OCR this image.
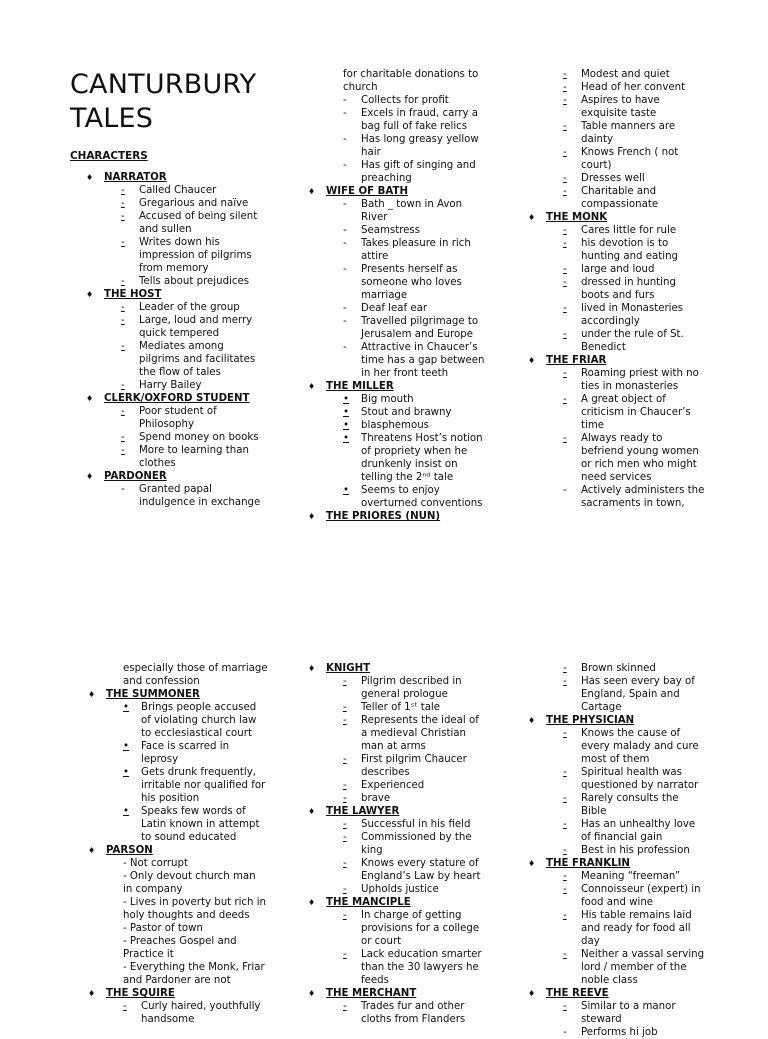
CANTURBURY
TALES
CHARACTERS
♦ NARRATOR
- Called Chaucer
- Gregarious and naïve
- Accused of being silent and sullen
- Writes down his impression of pilgrims from memory
- Tells about prejudices
♦ THE HOST
- Leader of the group
- Large, loud and merry quick tempered
- Mediates among pilgrims and facilitates the flow of tales
- Harry Bailey
♦ CLERK/OXFORD STUDENT
- Poor student of Philosophy
- Spend money on books
- More to learning than clothes
♦ PARDONER
- Granted papal indulgence in exchange
for charitable donations to church
- Collects for profit
- Excels in fraud, carry a bag full of fake relics
- Has long greasy yellow hair
- Has gift of singing and preaching
♦ WIFE OF BATH
- Bath _ town in Avon River
- Seamstress
- Takes pleasure in rich attire
- Presents herself as someone who loves marriage
- Deaf leaf ear
- Travelled pilgrimage to Jerusalem and Europe
- Attractive in Chaucer’s time has a gap between in her front teeth
♦ THE MILLER
• Big mouth
• Stout and brawny
• blasphemous
• Threatens Host’s notion of propriety when he drunkenly insist on telling the 2ⁿᵈ tale
• Seems to enjoy overturned conventions
♦ THE PRIORES (NUN)
- Modest and quiet
- Head of her convent
- Aspires to have exquisite taste
- Table manners are dainty
- Knows French ( not court)
- Dresses well
- Charitable and compassionate
♦ THE MONK
- Cares little for rule
- his devotion is to hunting and eating
- large and loud
- dressed in hunting boots and furs
- lived in Monasteries accordingly
- under the rule of St. Benedict
♦ THE FRIAR
- Roaming priest with no ties in monasteries
- A great object of criticism in Chaucer’s time
- Always ready to befriend young women or rich men who might need services
- Actively administers the sacraments in town,
especially those of marriage and confession
♦ THE SUMMONER
• Brings people accused of violating church law to ecclesiastical court
• Face is scarred in leprosy
• Gets drunk frequently, irritable nor qualified for his position
• Speaks few words of Latin known in attempt to sound educated
♦ PARSON
- Not corrupt
- Only devout church man in company
- Lives in poverty but rich in holy thoughts and deeds
- Pastor of town
- Preaches Gospel and Practice it
- Everything the Monk, Friar and Pardoner are not
♦ THE SQUIRE
- Curly haired, youthfully handsome
♦ KNIGHT
- Pilgrim described in general prologue
- Teller of 1ˢᵗ tale
- Represents the ideal of a medieval Christian man at arms
- First pilgrim Chaucer describes
- Experienced
- brave
♦ THE LAWYER
- Successful in his field
- Commissioned by the king
- Knows every stature of England’s Law by heart
- Upholds justice
♦ THE MANCIPLE
- In charge of getting provisions for a college or court
- Lack education smarter than the 30 lawyers he feeds
♦ THE MERCHANT
- Trades fur and other cloths from Flanders
- Brown skinned
- Has seen every bay of England, Spain and Cartage
♦ THE PHYSICIAN
- Knows the cause of every malady and cure most of them
- Spiritual health was questioned by narrator
- Rarely consults the Bible
- Has an unhealthy love of financial gain
- Best in his profession
♦ THE FRANKLIN
- Meaning “freeman”
- Connoisseur (expert) in food and wine
- His table remains laid and ready for food all day
- Neither a vassal serving lord / member of the noble class
♦ THE REEVE
- Similar to a manor steward
- Performs hi job
